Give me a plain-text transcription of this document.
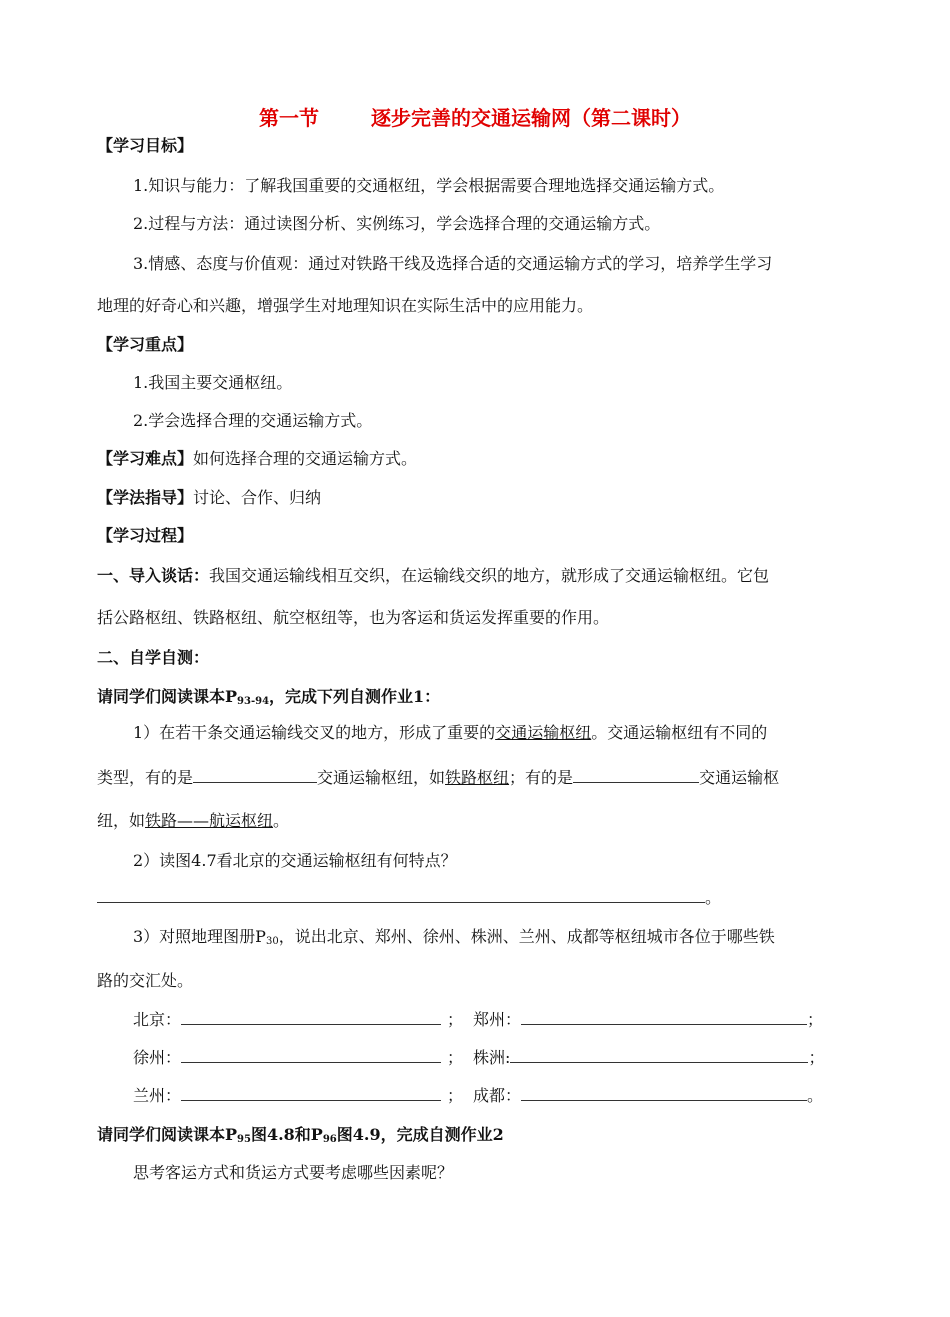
第一节	逐步完善的交通运输网（第二课时）
【学习目标】
1.知识与能力：了解我国重要的交通枢纽，学会根据需要合理地选择交通运输方式。
2.过程与方法：通过读图分析、实例练习，学会选择合理的交通运输方式。
3.情感、态度与价值观：通过对铁路干线及选择合适的交通运输方式的学习，培养学生学习
地理的好奇心和兴趣，增强学生对地理知识在实际生活中的应用能力。
【学习重点】
1.我国主要交通枢纽。
2.学会选择合理的交通运输方式。
【学习难点】如何选择合理的交通运输方式。
【学法指导】讨论、合作、归纳
【学习过程】
一、导入谈话：我国交通运输线相互交织，在运输线交织的地方，就形成了交通运输枢纽。它包
括公路枢纽、铁路枢纽、航空枢纽等，也为客运和货运发挥重要的作用。
二、自学自测：
请同学们阅读课本$P_{93-94}$，完成下列自测作业1：
1）在若干条交通运输线交叉的地方，形成了重要的交通运输枢纽。交通运输枢纽有不同的
类型，有的是	交通运输枢纽，如铁路枢纽；有的是	交通运输枢
纽，如铁路——航运枢纽。
2）读图4.7看北京的交通运输枢纽有何特点？
。
3）对照地理图册$P_{30}$，说出北京、郑州、徐州、株洲、兰州、成都等枢纽城市各位于哪些铁
路的交汇处。
北京：	； 郑州：	；
徐州：	； 株洲:	；
兰州：	； 成都：	。
请同学们阅读课本$P_{95}$图4.8和$P_{96}$图4.9，完成自测作业2
思考客运方式和货运方式要考虑哪些因素呢？
